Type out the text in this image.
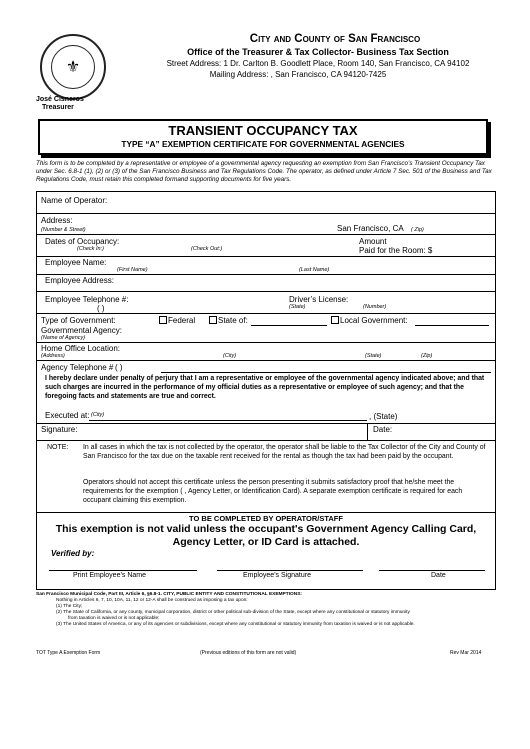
⚜
City and County of San Francisco
Office of the Treasurer & Tax Collector- Business Tax Section
Street Address: 1 Dr. Carlton B. Goodlett Place, Room 140, San Francisco, CA 94102
Mailing Address: , San Francisco, CA 94120-7425
José Cisneros
Treasurer
TRANSIENT OCCUPANCY TAX
TYPE “A” EXEMPTION CERTIFICATE FOR GOVERNMENTAL AGENCIES
This form is to be completed by a representative or employee of a governmental agency requesting an exemption from San Francisco’s Transient Occupancy Tax under Sec. 6.8-1 (1), (2) or (3) of the San Francisco Business and Tax Regulations Code. The operator, as defined under Article 7 Sec. 501 of the Business and Tax Regulations Code, must retain this completed formand supporting documents for five years.
Name of Operator:
Address:
(Number & Street)	San Francisco, CA ( Zip)
Dates of Occupancy:
(Check In:)	(Check Out:)
Amount
Paid for the Room: $
Employee Name:
(First Name)	(Last Name)
Employee Address:
Employee Telephone #:
( )
Driver’s License:
(State)	(Number)
Type of Government:	Federal	State of:	Local Government:
Governmental Agency:
(Name of Agency)
Home Office Location:
(Address)	(City)	(State)	(Zip)
Agency Telephone # ( )
I hereby declare under penalty of perjury that I am a representative or employee of the governmental agency indicated above; and that such charges are incurred in the performance of my official duties as a representative or employee of such agency; and that the foregoing facts and statements are true and correct.
Executed at: (City)	, (State)
Signature:	Date:
NOTE: In all cases in which the tax is not collected by the operator, the operator shall be liable to the Tax Collector of the City and County of San Francisco for the tax due on the taxable rent received for the rental as though the tax had been paid by the occupant.
Operators should not accept this certificate unless the person presenting it submits satisfactory proof that he/she meet the requirements for the exemption ( , Agency Letter, or Identification Card). A separate exemption certificate is required for each occupant claiming this exemption.
TO BE COMPLETED BY OPERATOR/STAFF
This exemption is not valid unless the occupant's Government Agency Calling Card, Agency Letter, or ID Card is attached.
Verified by:
Print Employee’s Name	Employee’s Signature	Date
San Francisco Municipal Code, Part III, Article 6, §6.8-1. CITY, PUBLIC ENTITY AND CONSTITUTIONAL EXEMPTIONS:
Nothing in Articles 6, 7, 10, 10A, 11, 12 or 12-A shall be construed as imposing a tax upon:
(1) The City;
(2) The State of California, or any county, municipal corporation, district or other political sub-division of the State, except where any constitutional or statutory immunity
from taxation is waived or is not applicable;
(3) The United States of America, or any of its agencies or subdivisions, except where any constitutional or statutory immunity from taxation is waived or is not applicable.
TOT Type A Exemption Form	(Previous editions of this form are not valid)	Rev Mar 2014
